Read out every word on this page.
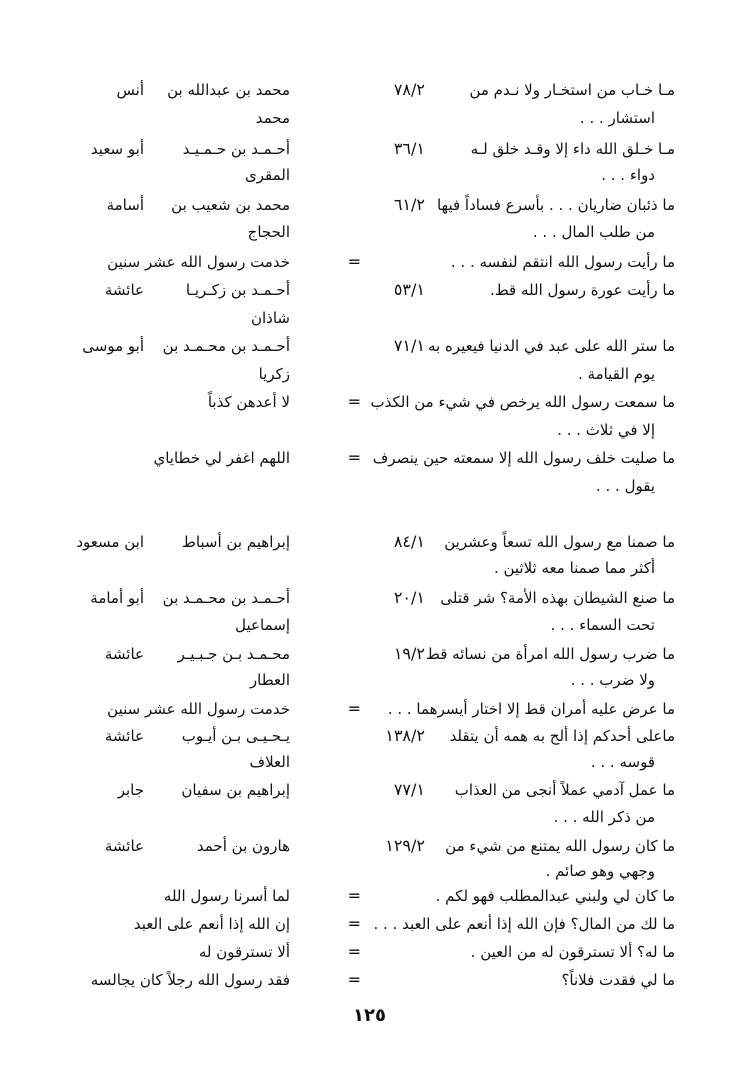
مـا خـاب من استخـار ولا نـدم من
٧٨/٢
محمد بن عبدالله بن
أنس
استشار . . .
محمد
مـا خـلق الله داء إلا وقـد خلق لـه
٣٦/١
أحـمـد بن حـمـيـد
أبو سعيد
دواء . . .
المقرى
ما ذئبان ضاريان . . . بأسرع فساداً فيها
٦١/٢
محمد بن شعيب بن
أسامة
من طلب المال . . .
الحجاج
ما رأيت رسول الله انتقم لنفسه . . .
=
خدمت رسول الله عشر سنين
ما رأيت عورة رسول الله قط.
٥٣/١
أحـمـد بن زكـريـا
عائشة
شاذان
ما ستر الله على عبد في الدنيا فيعيره به
٧١/١
أحـمـد بن محـمـد بن
أبو موسى
يوم القيامة .
زكريا
ما سمعت رسول الله يرخص في شيء من الكذب
=
لا أعدهن كذباً
إلا في ثلاث . . .
ما صليت خلف رسول الله إلا سمعته حين ينصرف
=
اللهم اغفر لي خطاياي
يقول . . .
ما صمنا مع رسول الله تسعاً وعشرين
٨٤/١
إبراهيم بن أسباط
ابن مسعود
أكثر مما صمنا معه ثلاثين .
ما صنع الشيطان بهذه الأمة؟ شر قتلى
٢٠/١
أحـمـد بن محـمـد بن
أبو أمامة
تحت السماء . . .
إسماعيل
ما ضرب رسول الله امرأة من نسائه قط
١٩/٢
محـمـد بـن جـبـيـر
عائشة
ولا ضرب . . .
العطار
ما عرض عليه أمران قط إلا اختار أيسرهما . . .
=
خدمت رسول الله عشر سنين
ماعلى أحدكم إذا ألح به همه أن يتقلد
١٣٨/٢
يـحـيـى بـن أيـوب
عائشة
قوسه . . .
العلاف
ما عمل آدمي عملاً أنجى من العذاب
٧٧/١
إبراهيم بن سفيان
جابر
من ذكر الله . . .
ما كان رسول الله يمتنع من شيء من
١٢٩/٢
هارون بن أحمد
عائشة
وجهي وهو صائم .
ما كان لي ولبني عبدالمطلب فهو لكم .
=
لما أسرنا رسول الله
ما لك من المال؟ فإن الله إذا أنعم على العبد . . .
=
إن الله إذا أنعم على العبد
ما له؟ ألا تسترقون له من العين .
=
ألا تسترقون له
ما لي فقدت فلاناً؟
=
فقد رسول الله رجلاً كان يجالسه
١٢٥
